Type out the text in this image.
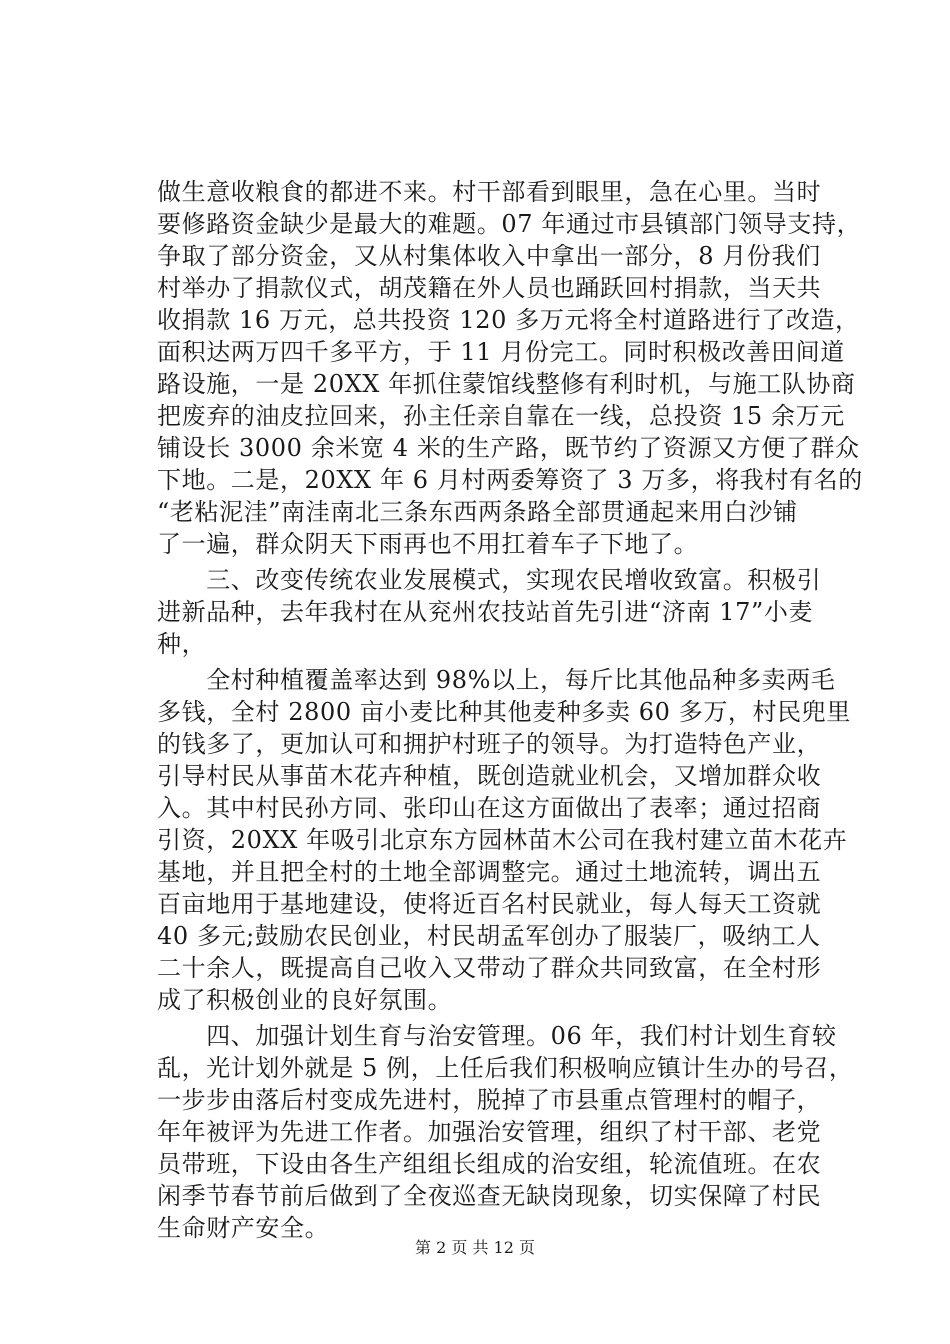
做生意收粮食的都进不来。村干部看到眼里，急在心里。当时
要修路资金缺少是最大的难题。07 年通过市县镇部门领导支持，
争取了部分资金，又从村集体收入中拿出一部分，8 月份我们
村举办了捐款仪式，胡茂籍在外人员也踊跃回村捐款，当天共
收捐款 16 万元，总共投资 120 多万元将全村道路进行了改造，
面积达两万四千多平方，于 11 月份完工。同时积极改善田间道
路设施，一是 20XX 年抓住蒙馆线整修有利时机，与施工队协商
把废弃的油皮拉回来，孙主任亲自靠在一线，总投资 15 余万元
铺设长 3000 余米宽 4 米的生产路，既节约了资源又方便了群众
下地。二是，20XX 年 6 月村两委筹资了 3 万多，将我村有名的
“老粘泥洼”南洼南北三条东西两条路全部贯通起来用白沙铺
了一遍，群众阴天下雨再也不用扛着车子下地了。
　　三、改变传统农业发展模式，实现农民增收致富。积极引
进新品种，去年我村在从兖州农技站首先引进“济南 17”小麦
种，
　　全村种植覆盖率达到 98%以上，每斤比其他品种多卖两毛
多钱，全村 2800 亩小麦比种其他麦种多卖 60 多万，村民兜里
的钱多了，更加认可和拥护村班子的领导。为打造特色产业，
引导村民从事苗木花卉种植，既创造就业机会，又增加群众收
入。其中村民孙方同、张印山在这方面做出了表率；通过招商
引资，20XX 年吸引北京东方园林苗木公司在我村建立苗木花卉
基地，并且把全村的土地全部调整完。通过土地流转，调出五
百亩地用于基地建设，使将近百名村民就业，每人每天工资就
40 多元;鼓励农民创业，村民胡孟军创办了服装厂，吸纳工人
二十余人，既提高自己收入又带动了群众共同致富，在全村形
成了积极创业的良好氛围。
　　四、加强计划生育与治安管理。06 年，我们村计划生育较
乱，光计划外就是 5 例，上任后我们积极响应镇计生办的号召，
一步步由落后村变成先进村，脱掉了市县重点管理村的帽子，
年年被评为先进工作者。加强治安管理，组织了村干部、老党
员带班，下设由各生产组组长组成的治安组，轮流值班。在农
闲季节春节前后做到了全夜巡查无缺岗现象，切实保障了村民
生命财产安全。
第 2 页 共 12 页
